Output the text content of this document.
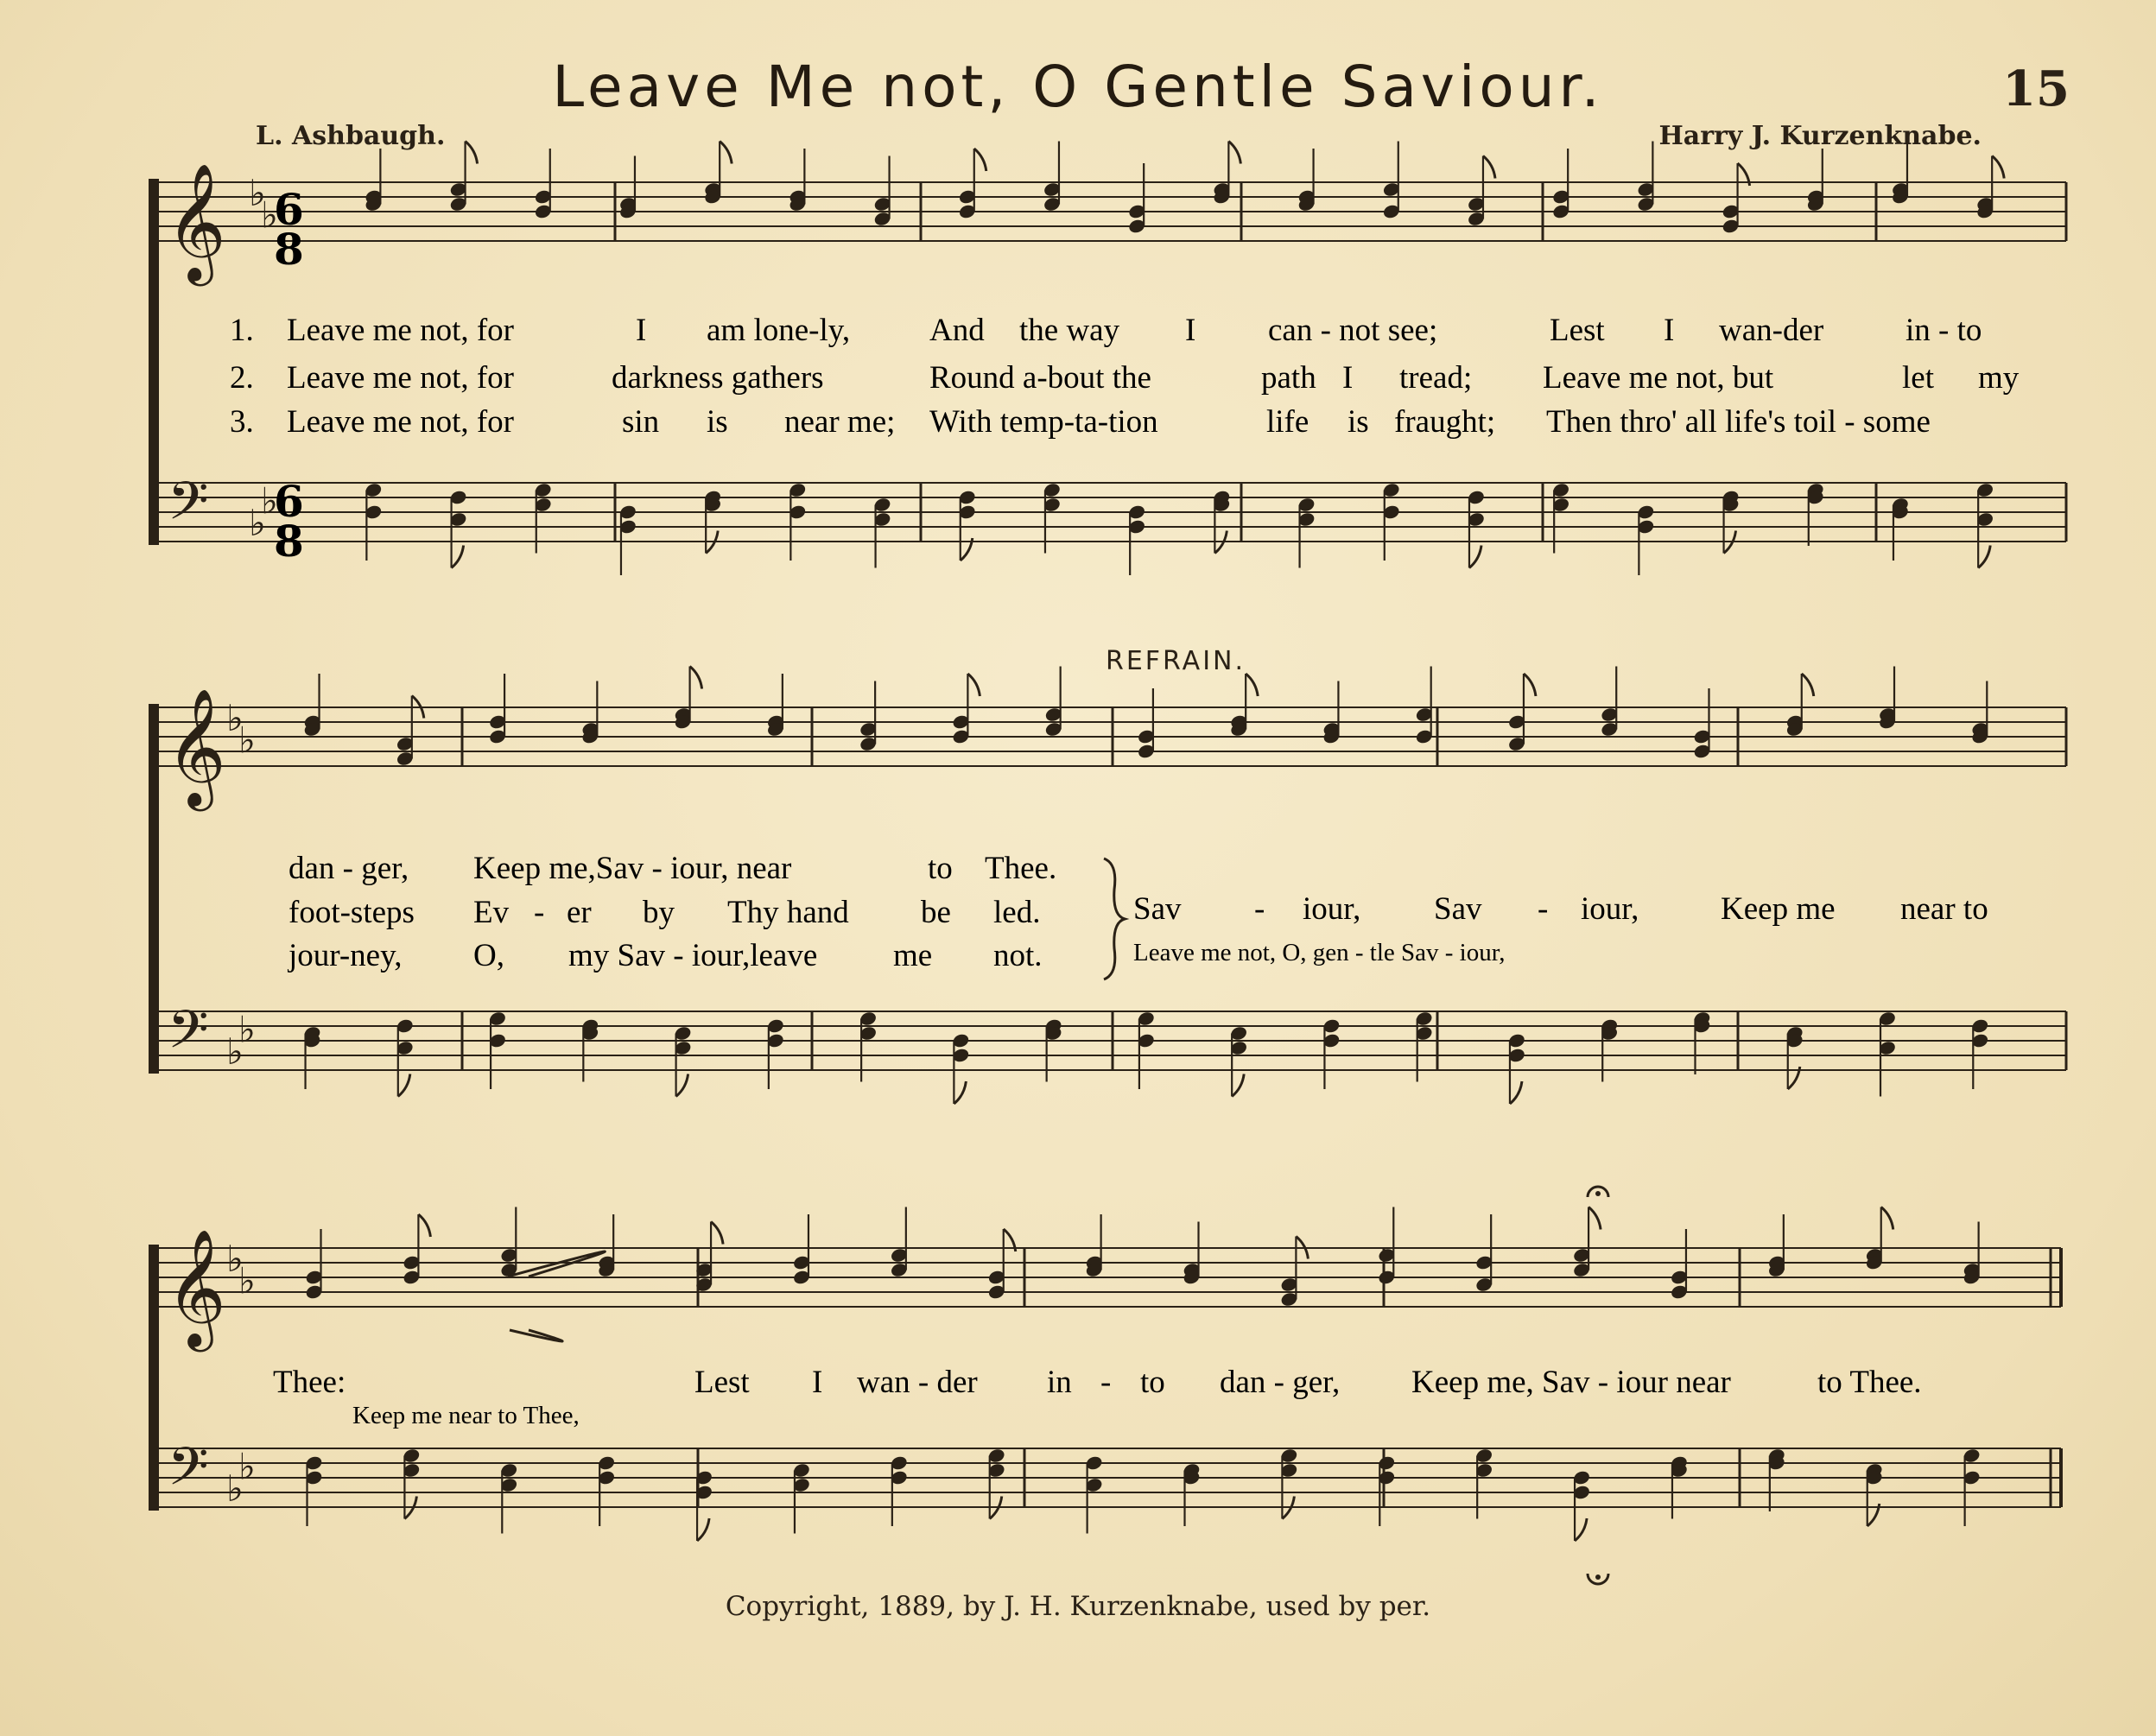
Leave Me not, O Gentle Saviour.	15
L. Ashbaugh.	Harry J. Kurzenknabe.
REFRAIN.
Copyright, 1889, by J. H. Kurzenknabe, used by per.
𝄞
𝄢
♭
♭
♭
♭
𝄞
𝄢
♭
♭
♭
♭
𝄞
𝄢
♭
♭
♭
♭
6
8
6
8
1. Leave me not, for	I am lone-ly, And the way I can - not see;	Lest I wan-der	in - to
2. Leave me not, for	darkness gathers	Round a-bout the	path I tread; Leave me not, but	let my
3. Leave me not, for	sin is near me; With temp-ta-tion	life is fraught; Then thro' all life's toil - some
dan - ger, Keep me,Sav - iour, near	to Thee.
foot-steps Ev - er by Thy hand be led.
jour-ney, O, my Sav - iour,leave me not.
Sav - iour, Sav - iour,	Keep me near to
Leave me not, O, gen - tle Sav - iour,
Thee:	Lest I wan - der in - to dan - ger, Keep me, Sav - iour near	to Thee.
Keep me near to Thee,
